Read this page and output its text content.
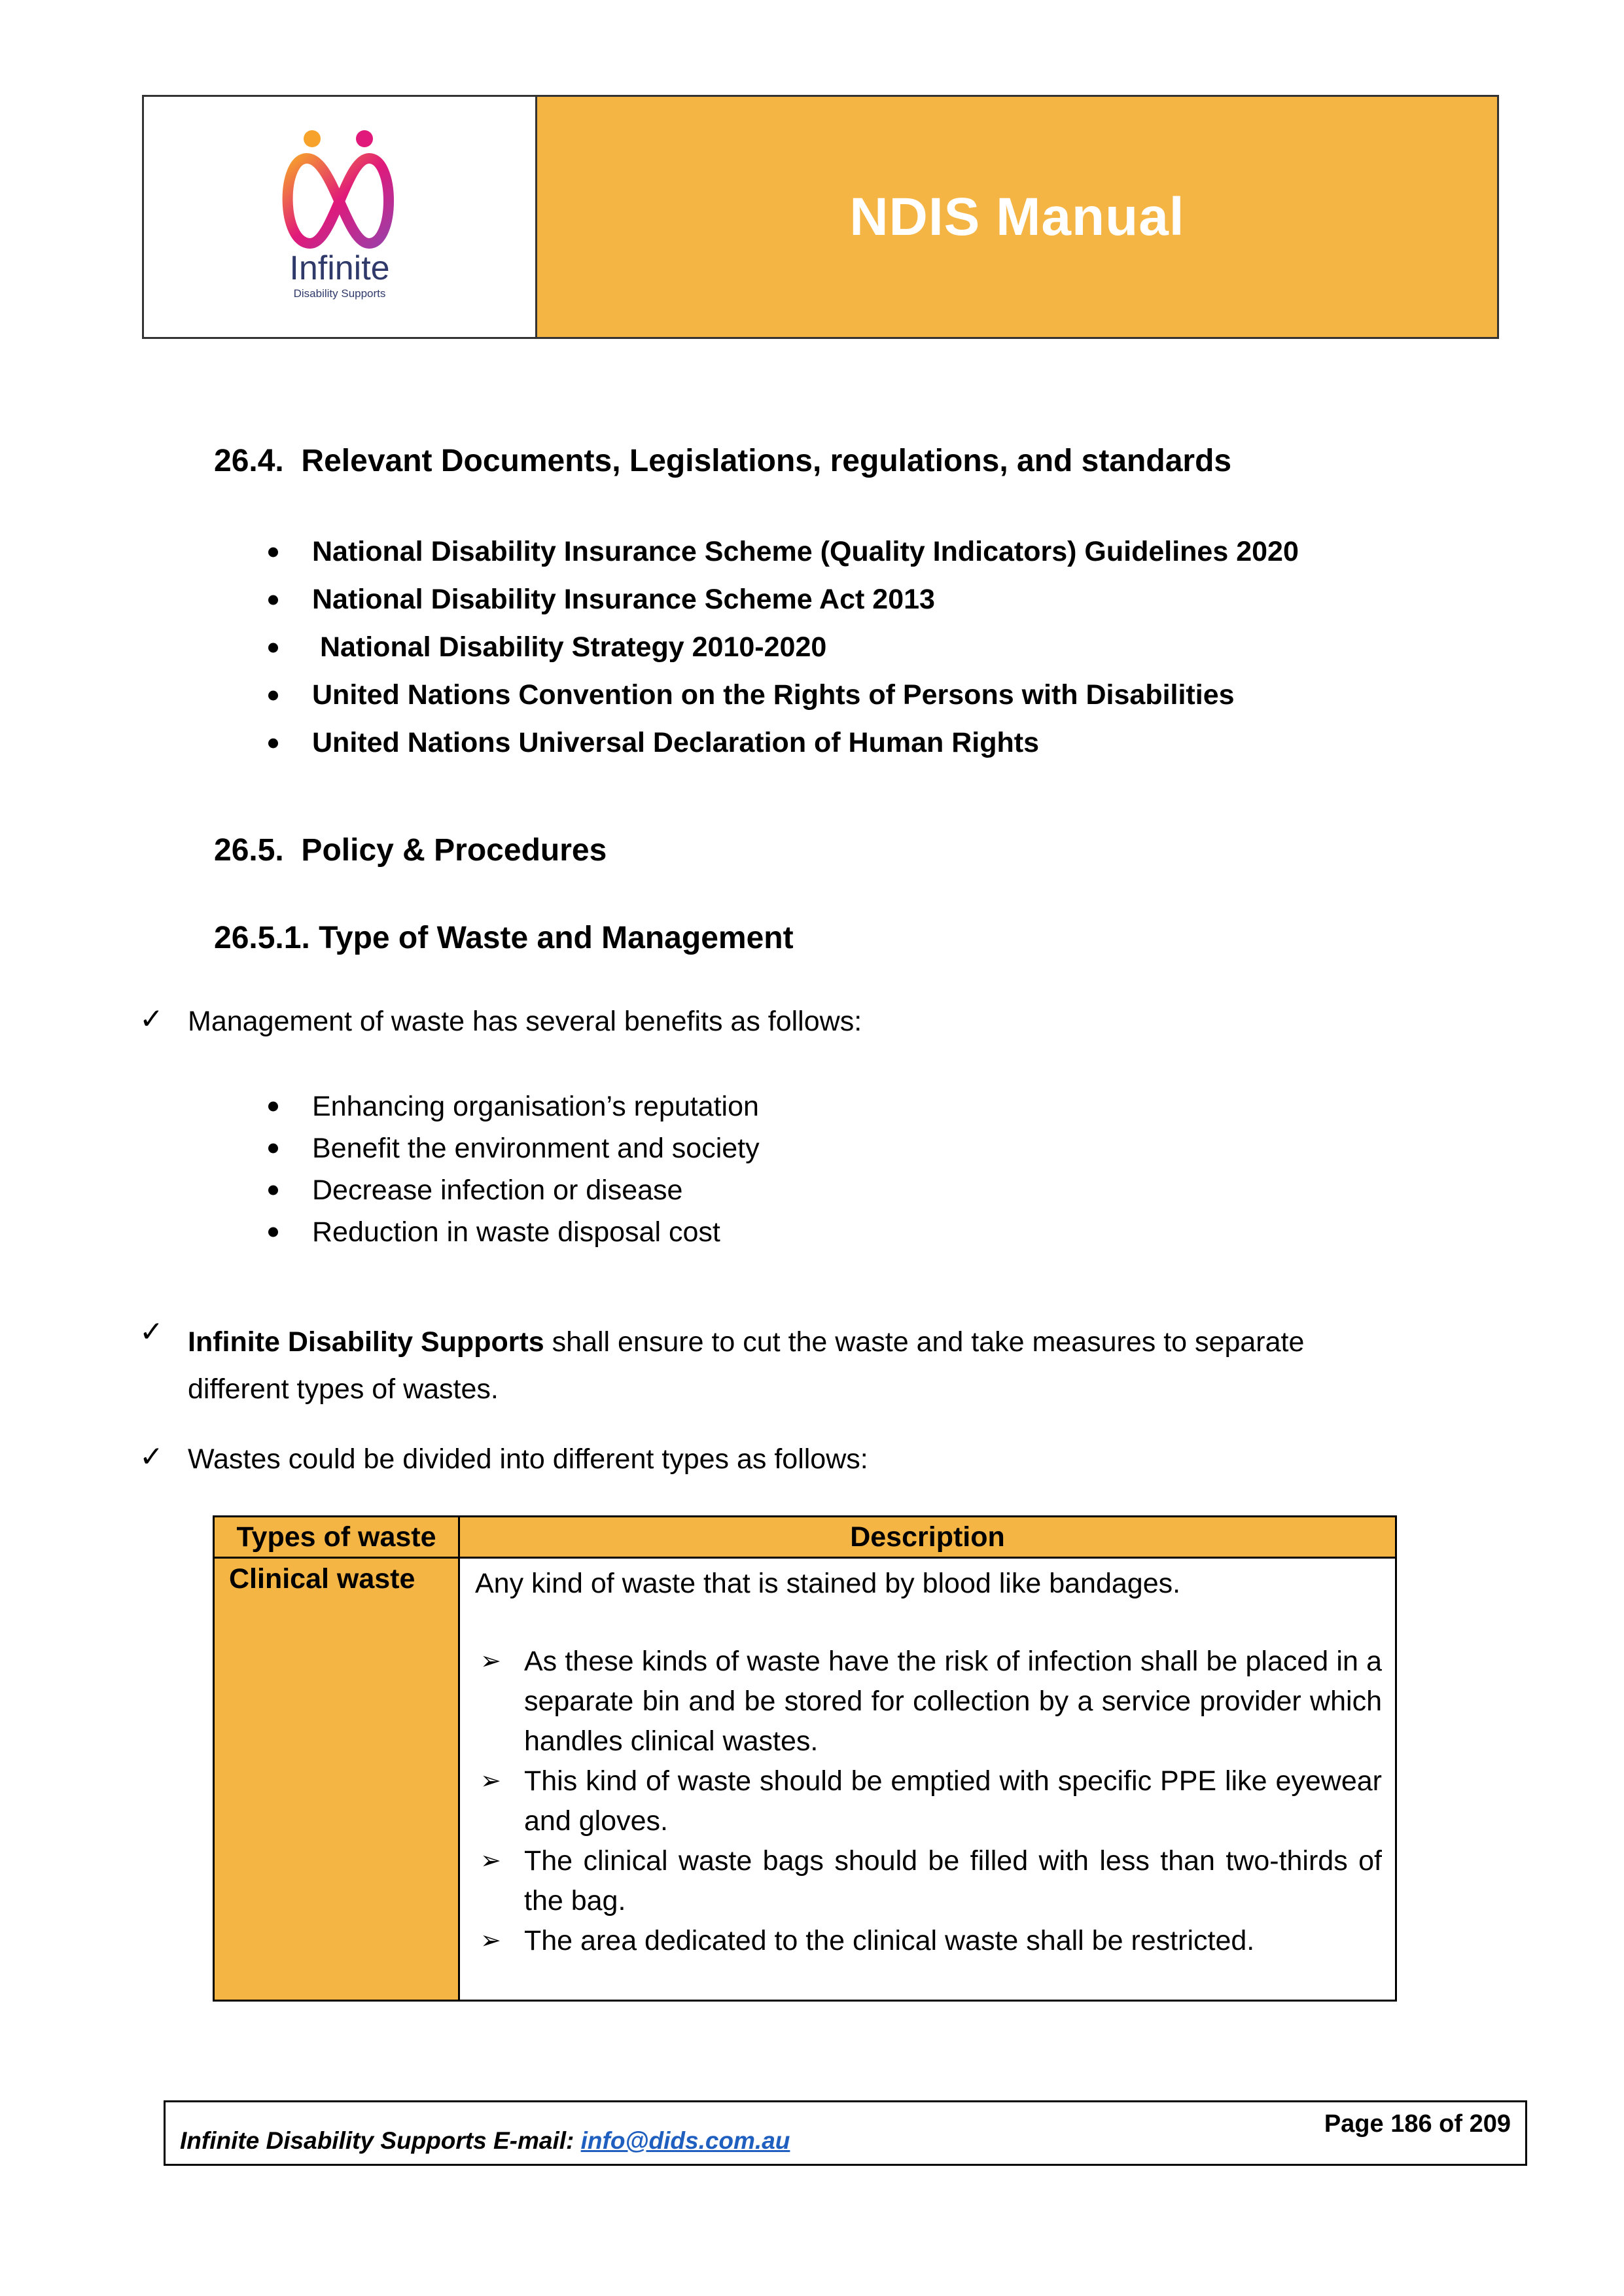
Infinite
Disability Supports
NDIS Manual
26.4.  Relevant Documents, Legislations, regulations, and standards
National Disability Insurance Scheme (Quality Indicators) Guidelines 2020
National Disability Insurance Scheme Act 2013
National Disability Strategy 2010-2020
United Nations Convention on the Rights of Persons with Disabilities
United Nations Universal Declaration of Human Rights
26.5.  Policy & Procedures
26.5.1. Type of Waste and Management
✓ Management of waste has several benefits as follows:
Enhancing organisation’s reputation
Benefit the environment and society
Decrease infection or disease
Reduction in waste disposal cost
✓ Infinite Disability Supports shall ensure to cut the waste and take measures to separate
different types of wastes.
✓ Wastes could be divided into different types as follows:
Types of waste	Description
Clinical waste Any kind of waste that is stained by blood like bandages.
➢ As these kinds of waste have the risk of infection shall be placed in a separate bin and be stored for collection by a service provider which handles clinical wastes.
➢ This kind of waste should be emptied with specific PPE like eyewear and gloves.
➢ The clinical waste bags should be filled with less than two-thirds of the bag.
➢ The area dedicated to the clinical waste shall be restricted.
Infinite Disability Supports E-mail: info@dids.com.au
Page 186 of 209
